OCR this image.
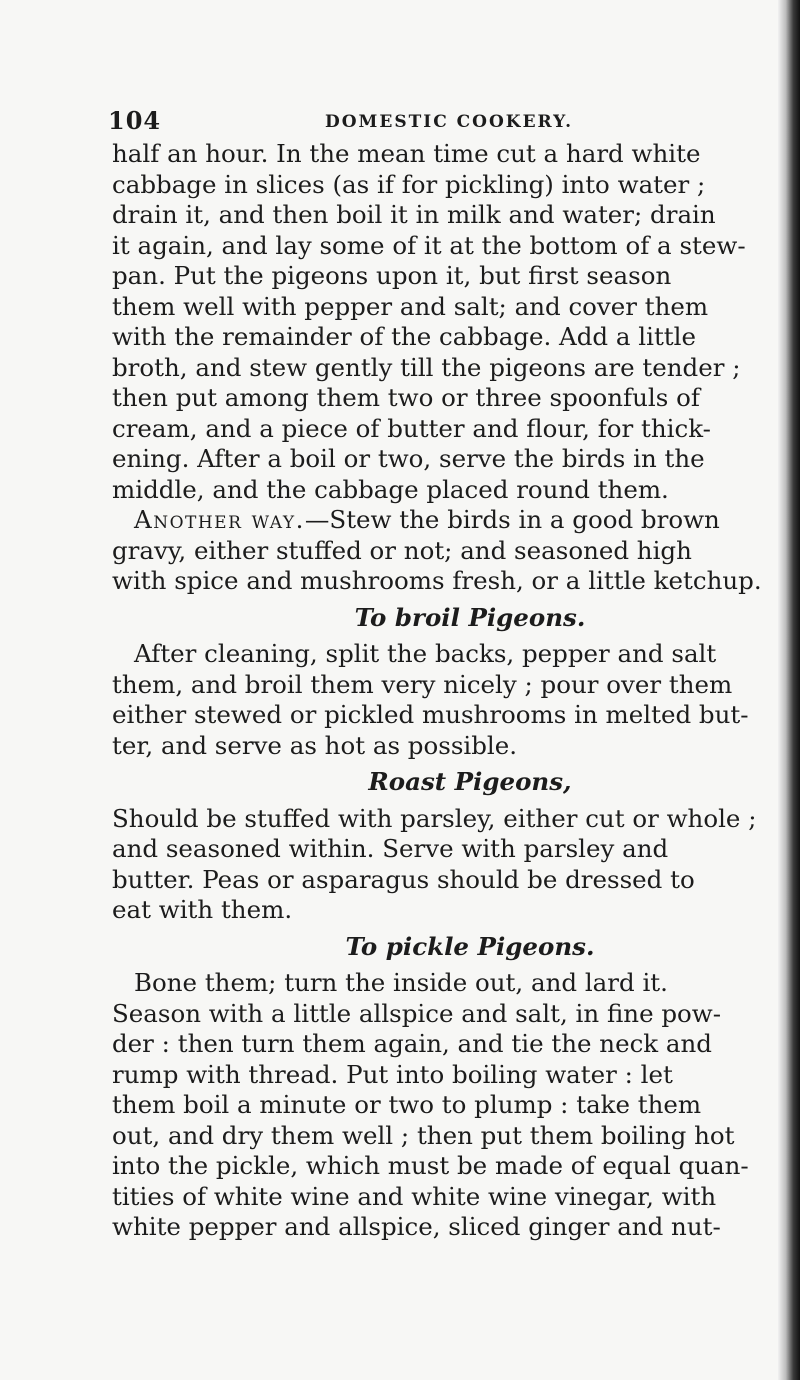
104	DOMESTIC COOKERY.
half an hour. In the mean time cut a hard white
cabbage in slices (as if for pickling) into water ;
drain it, and then boil it in milk and water; drain
it again, and lay some of it at the bottom of a stew-
pan. Put the pigeons upon it, but first season
them well with pepper and salt; and cover them
with the remainder of the cabbage. Add a little
broth, and stew gently till the pigeons are tender ;
then put among them two or three spoonfuls of
cream, and a piece of butter and flour, for thick-
ening. After a boil or two, serve the birds in the
middle, and the cabbage placed round them.
Another way.—Stew the birds in a good brown
gravy, either stuffed or not; and seasoned high
with spice and mushrooms fresh, or a little ketchup.
To broil Pigeons.
After cleaning, split the backs, pepper and salt
them, and broil them very nicely ; pour over them
either stewed or pickled mushrooms in melted but-
ter, and serve as hot as possible.
Roast Pigeons,
Should be stuffed with parsley, either cut or whole ;
and seasoned within. Serve with parsley and
butter. Peas or asparagus should be dressed to
eat with them.
To pickle Pigeons.
Bone them; turn the inside out, and lard it.
Season with a little allspice and salt, in fine pow-
der : then turn them again, and tie the neck and
rump with thread. Put into boiling water : let
them boil a minute or two to plump : take them
out, and dry them well ; then put them boiling hot
into the pickle, which must be made of equal quan-
tities of white wine and white wine vinegar, with
white pepper and allspice, sliced ginger and nut-
